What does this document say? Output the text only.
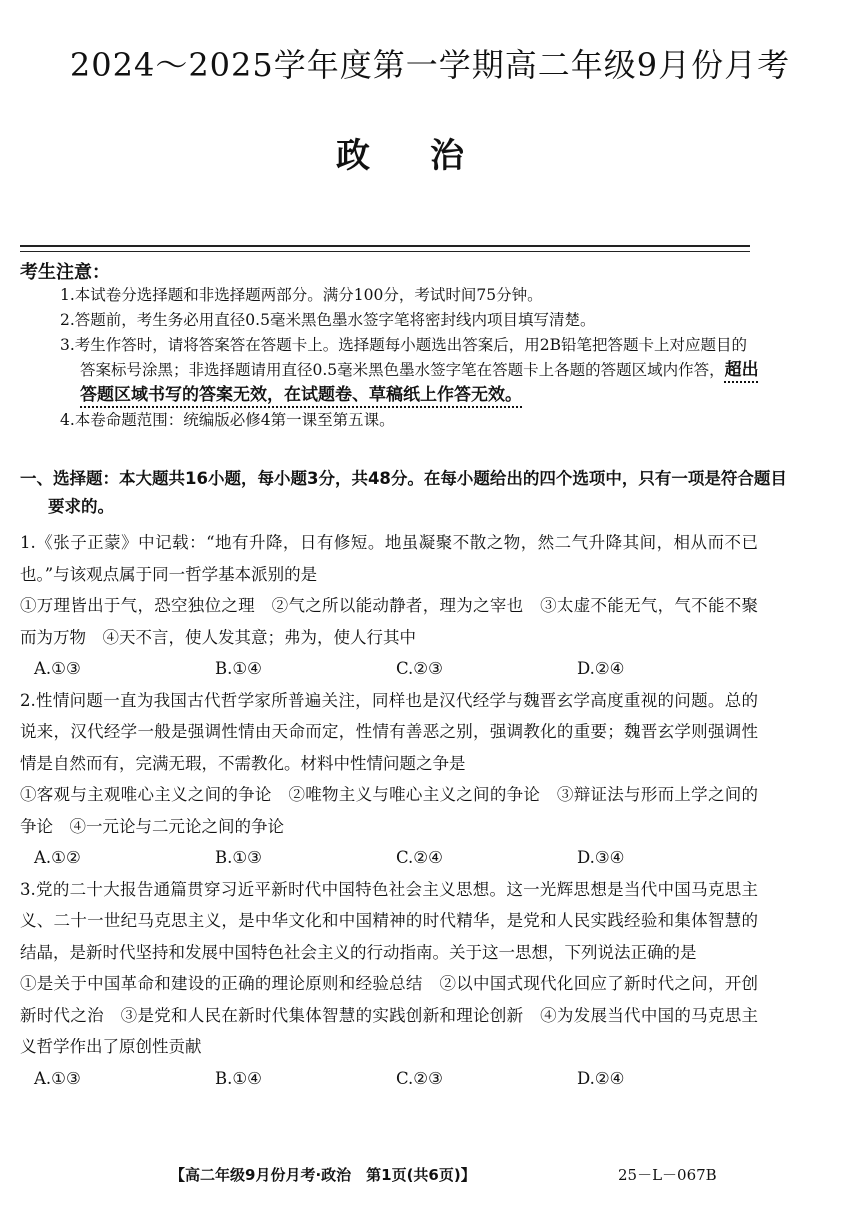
2024～2025学年度第一学期高二年级9月份月考
政治
考生注意：
1.本试卷分选择题和非选择题两部分。满分100分，考试时间75分钟。
2.答题前，考生务必用直径0.5毫米黑色墨水签字笔将密封线内项目填写清楚。
3.考生作答时，请将答案答在答题卡上。选择题每小题选出答案后，用2B铅笔把答题卡上对应题目的答案标号涂黑；非选择题请用直径0.5毫米黑色墨水签字笔在答题卡上各题的答题区域内作答，超出答题区域书写的答案无效，在试题卷、草稿纸上作答无效。
4.本卷命题范围：统编版必修4第一课至第五课。
一、选择题：本大题共16小题，每小题3分，共48分。在每小题给出的四个选项中，只有一项是符合题目要求的。
1.《张子正蒙》中记载：“地有升降，日有修短。地虽凝聚不散之物，然二气升降其间，相从而不已也。”与该观点属于同一哲学基本派别的是
①万理皆出于气，恐空独位之理　②气之所以能动静者，理为之宰也　③太虚不能无气，气不能不聚而为万物　④天不言，使人发其意；弗为，使人行其中
A.①③	B.①④	C.②③	D.②④
2.性情问题一直为我国古代哲学家所普遍关注，同样也是汉代经学与魏晋玄学高度重视的问题。总的说来，汉代经学一般是强调性情由天命而定，性情有善恶之别，强调教化的重要；魏晋玄学则强调性情是自然而有，完满无瑕，不需教化。材料中性情问题之争是
①客观与主观唯心主义之间的争论　②唯物主义与唯心主义之间的争论　③辩证法与形而上学之间的争论　④一元论与二元论之间的争论
A.①②	B.①③	C.②④	D.③④
3.党的二十大报告通篇贯穿习近平新时代中国特色社会主义思想。这一光辉思想是当代中国马克思主义、二十一世纪马克思主义，是中华文化和中国精神的时代精华，是党和人民实践经验和集体智慧的结晶，是新时代坚持和发展中国特色社会主义的行动指南。关于这一思想，下列说法正确的是
①是关于中国革命和建设的正确的理论原则和经验总结　②以中国式现代化回应了新时代之问，开创新时代之治　③是党和人民在新时代集体智慧的实践创新和理论创新　④为发展当代中国的马克思主义哲学作出了原创性贡献
A.①③	B.①④	C.②③	D.②④
【高二年级9月份月考·政治　第1页(共6页)】	25－L－067B
